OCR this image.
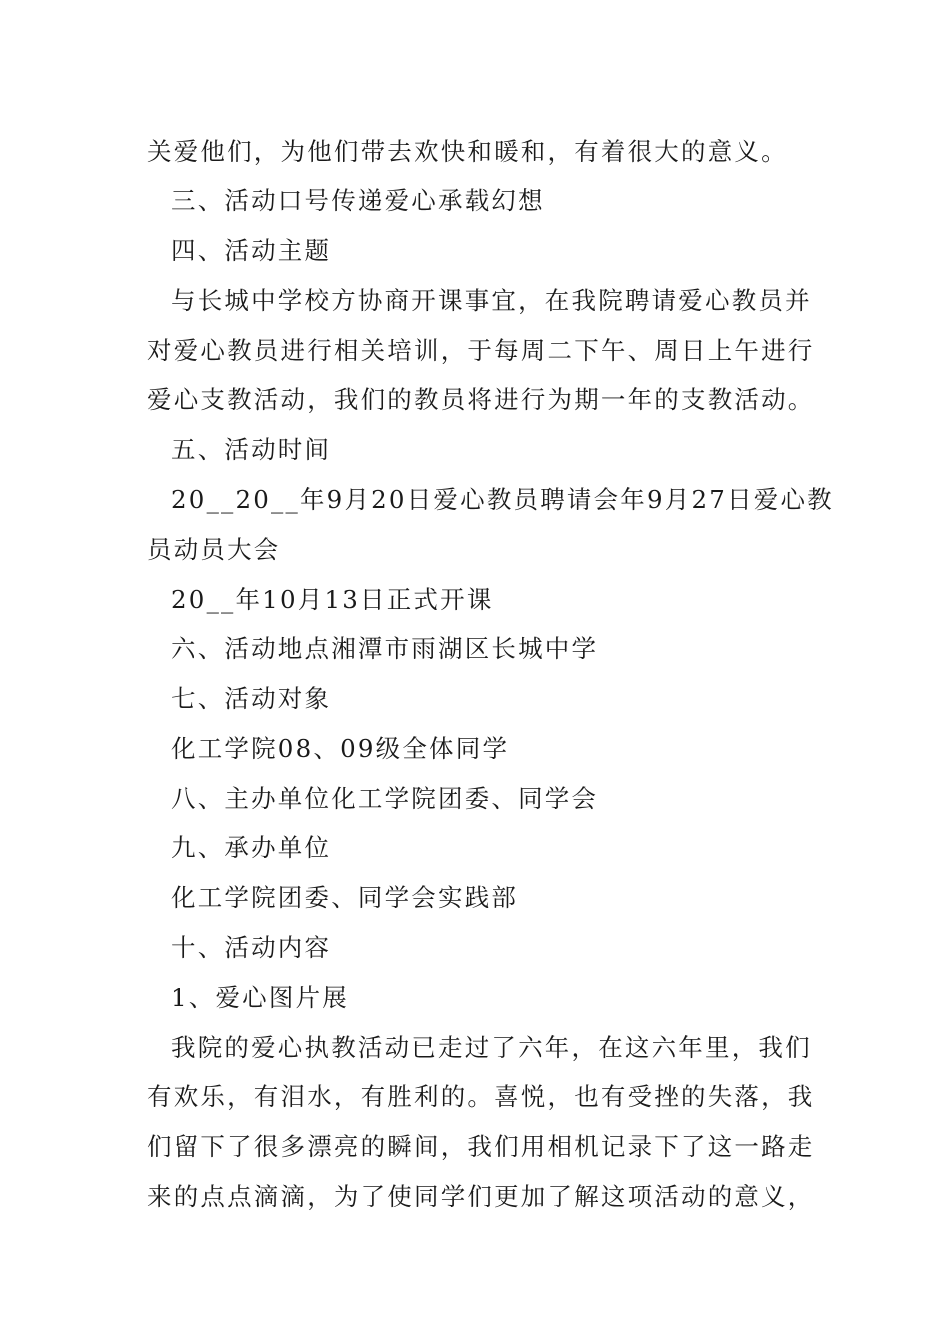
关爱他们，为他们带去欢快和暖和，有着很大的意义。
三、活动口号传递爱心承载幻想
四、活动主题
与长城中学校方协商开课事宜，在我院聘请爱心教员并
对爱心教员进行相关培训，于每周二下午、周日上午进行
爱心支教活动，我们的教员将进行为期一年的支教活动。
五、活动时间
20__20__年9月20日爱心教员聘请会年9月27日爱心教
员动员大会
20__年10月13日正式开课
六、活动地点湘潭市雨湖区长城中学
七、活动对象
化工学院08、09级全体同学
八、主办单位化工学院团委、同学会
九、承办单位
化工学院团委、同学会实践部
十、活动内容
1、爱心图片展
我院的爱心执教活动已走过了六年，在这六年里，我们
有欢乐，有泪水，有胜利的。喜悦，也有受挫的失落，我
们留下了很多漂亮的瞬间，我们用相机记录下了这一路走
来的点点滴滴，为了使同学们更加了解这项活动的意义，
